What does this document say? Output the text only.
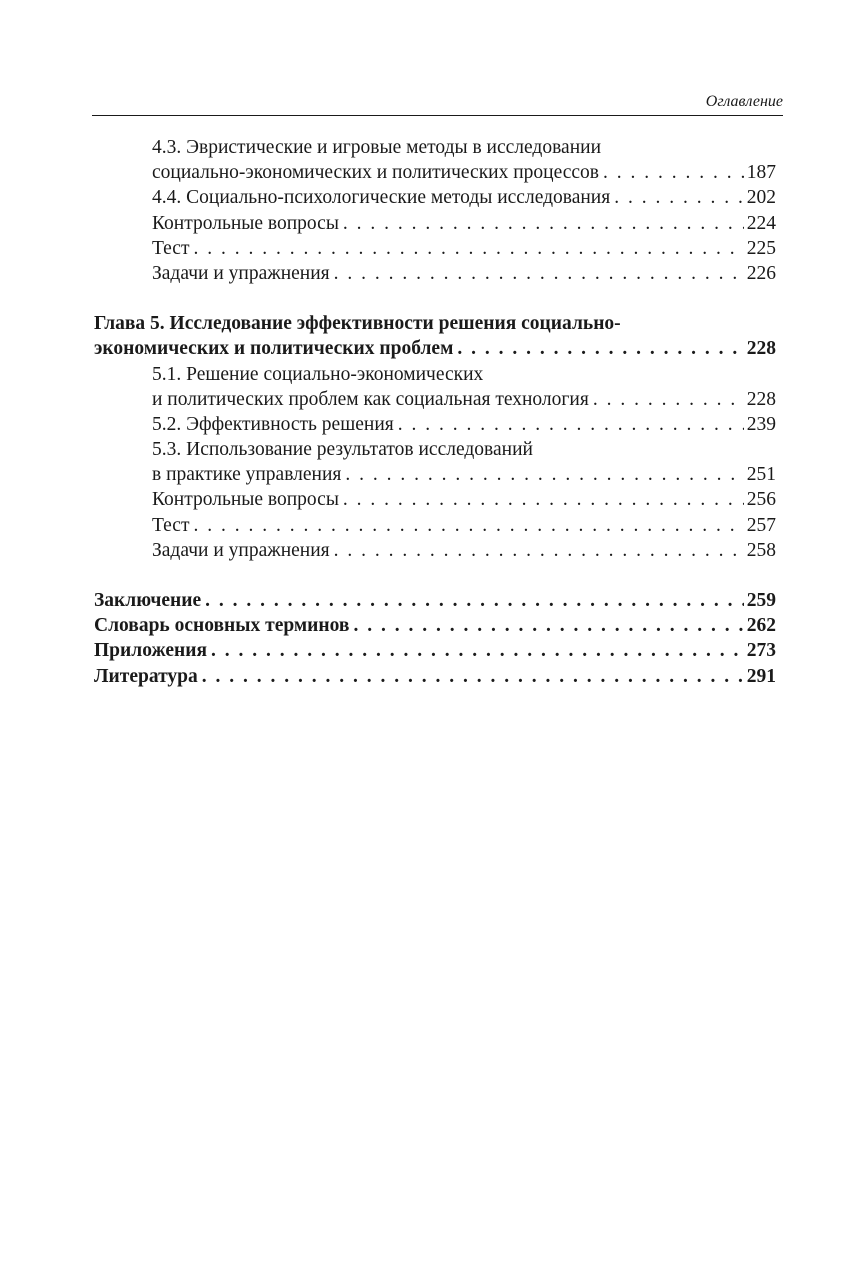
Оглавление
4.3. Эвристические и игровые методы в исследовании
социально-экономических и политических процессов . . .	187
4.4. Социально-психологические методы исследования . . .	202
Контрольные вопросы . . .	224
Тест . . .	225
Задачи и упражнения . . .	226
Глава 5. Исследование эффективности решения социально-
экономических и политических проблем . . .	228
5.1. Решение социально-экономических
и политических проблем как социальная технология . . .	228
5.2. Эффективность решения . . .	239
5.3. Использование результатов исследований
в практике управления . . .	251
Контрольные вопросы . . .	256
Тест . . .	257
Задачи и упражнения . . .	258
Заключение . . .	259
Словарь основных терминов . . .	262
Приложения . . .	273
Литература . . .	291
